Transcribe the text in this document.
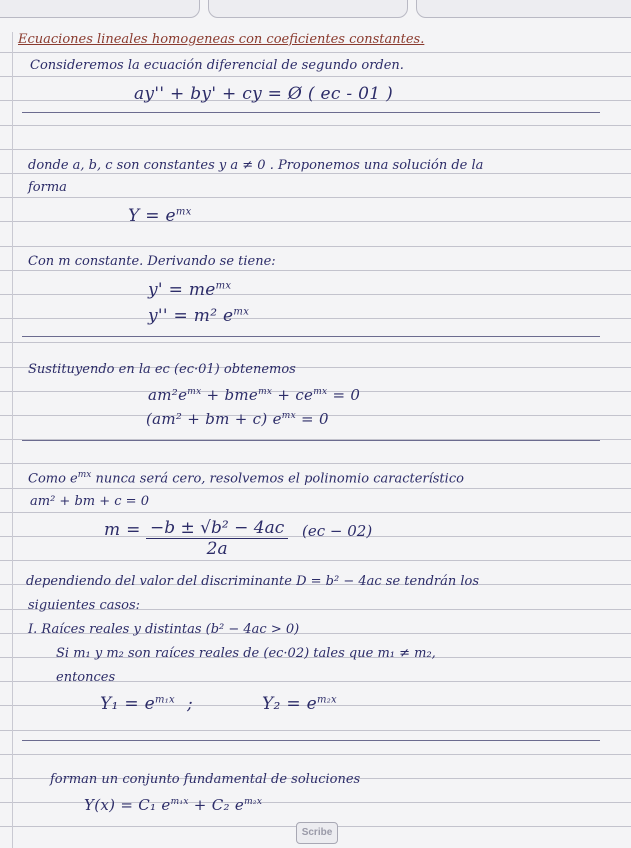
Ecuaciones lineales homogeneas con coeficientes constantes.
Consideremos la ecuación diferencial de segundo orden.
ay'' + by' + cy = Ø ( ec - 01 )
donde a, b, c son constantes y a ≠ 0 . Proponemos una solución de la
forma
$Y = e^{mx}$
Con m constante. Derivando se tiene:
$y' = me^{mx}$
y'' = m² $e^{mx}$
Sustituyendo en la ec (ec·01) obtenemos
$am^2e^{mx} + bme^{mx} + ce^{mx} = 0$
(am² + bm + c) $e^{mx} = 0$
Como $e^{mx}$ nunca será cero, resolvemos el polinomio característico
am² + bm + c = 0
$m = \frac{\text{−b ± √b² − 4ac}}{2a} (ec - 02)$
dependiendo del valor del discriminante D = b² − 4ac se tendrán los
siguientes casos:
I. Raíces reales y distintas (b² − 4ac > 0)
Si m₁ y m₂ son raíces reales de (ec·02) tales que m₁ ≠ m₂,
entonces
$Y_1 = e^{m_1x}$ ;	$Y_2 = e^{m_2x}$
forman un conjunto fundamental de soluciones
Y(x) = C₁ $e^{m_1x} + C_2$ $e^{m_2x}$
Scribe
